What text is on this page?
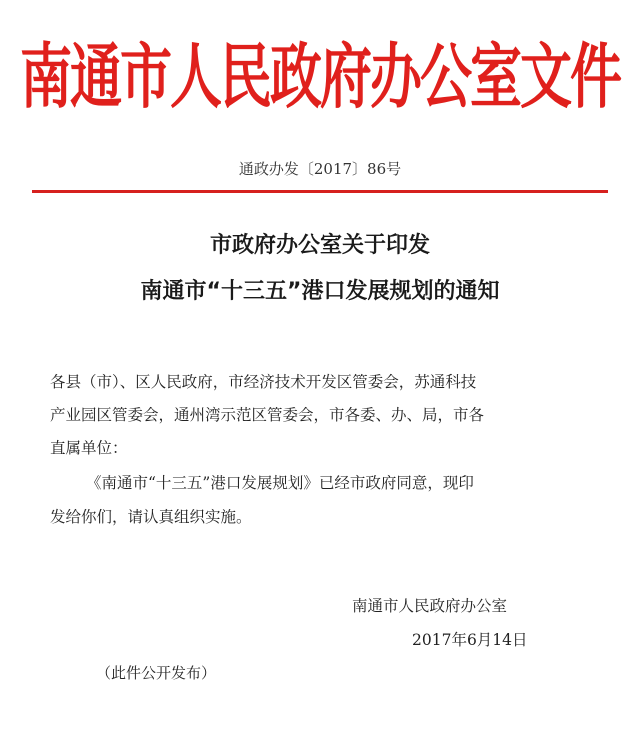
南通市人民政府办公室文件
通政办发〔2017〕86号
市政府办公室关于印发
南通市“十三五”港口发展规划的通知
各县（市）、区人民政府，市经济技术开发区管委会，苏通科技
产业园区管委会，通州湾示范区管委会，市各委、办、局，市各
直属单位：
《南通市“十三五”港口发展规划》已经市政府同意，现印
发给你们，请认真组织实施。
南通市人民政府办公室
2017年6月14日
（此件公开发布）
